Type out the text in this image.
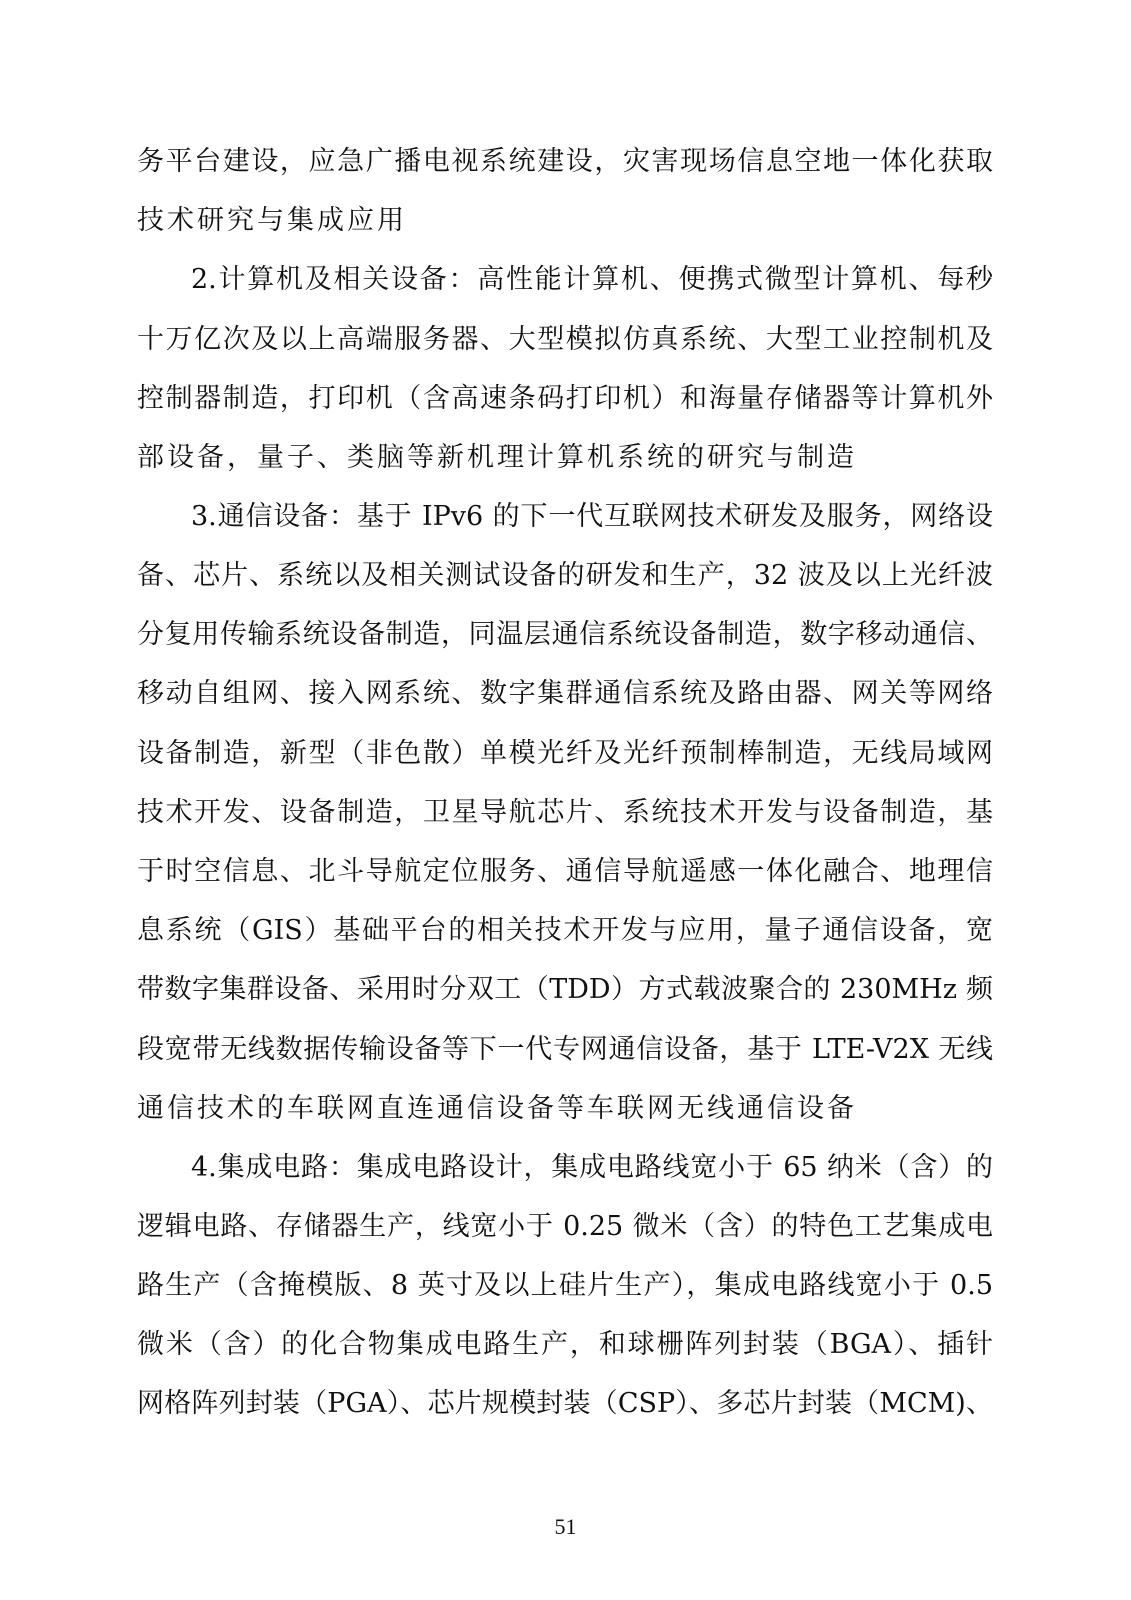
务平台建设，应急广播电视系统建设，灾害现场信息空地一体化获取
技术研究与集成应用
2.计算机及相关设备：高性能计算机、便携式微型计算机、每秒
十万亿次及以上高端服务器、大型模拟仿真系统、大型工业控制机及
控制器制造，打印机（含高速条码打印机）和海量存储器等计算机外
部设备，量子、类脑等新机理计算机系统的研究与制造
3.通信设备：基于 IPv6 的下一代互联网技术研发及服务，网络设
备、芯片、系统以及相关测试设备的研发和生产，32 波及以上光纤波
分复用传输系统设备制造，同温层通信系统设备制造，数字移动通信、
移动自组网、接入网系统、数字集群通信系统及路由器、网关等网络
设备制造，新型（非色散）单模光纤及光纤预制棒制造，无线局域网
技术开发、设备制造，卫星导航芯片、系统技术开发与设备制造，基
于时空信息、北斗导航定位服务、通信导航遥感一体化融合、地理信
息系统（GIS）基础平台的相关技术开发与应用，量子通信设备，宽
带数字集群设备、采用时分双工（TDD）方式载波聚合的 230MHz 频
段宽带无线数据传输设备等下一代专网通信设备，基于 LTE-V2X 无线
通信技术的车联网直连通信设备等车联网无线通信设备
4.集成电路：集成电路设计，集成电路线宽小于 65 纳米（含）的
逻辑电路、存储器生产，线宽小于 0.25 微米（含）的特色工艺集成电
路生产（含掩模版、8 英寸及以上硅片生产），集成电路线宽小于 0.5
微米（含）的化合物集成电路生产，和球栅阵列封装（BGA）、插针
网格阵列封装（PGA）、芯片规模封装（CSP）、多芯片封装（MCM)、
51
